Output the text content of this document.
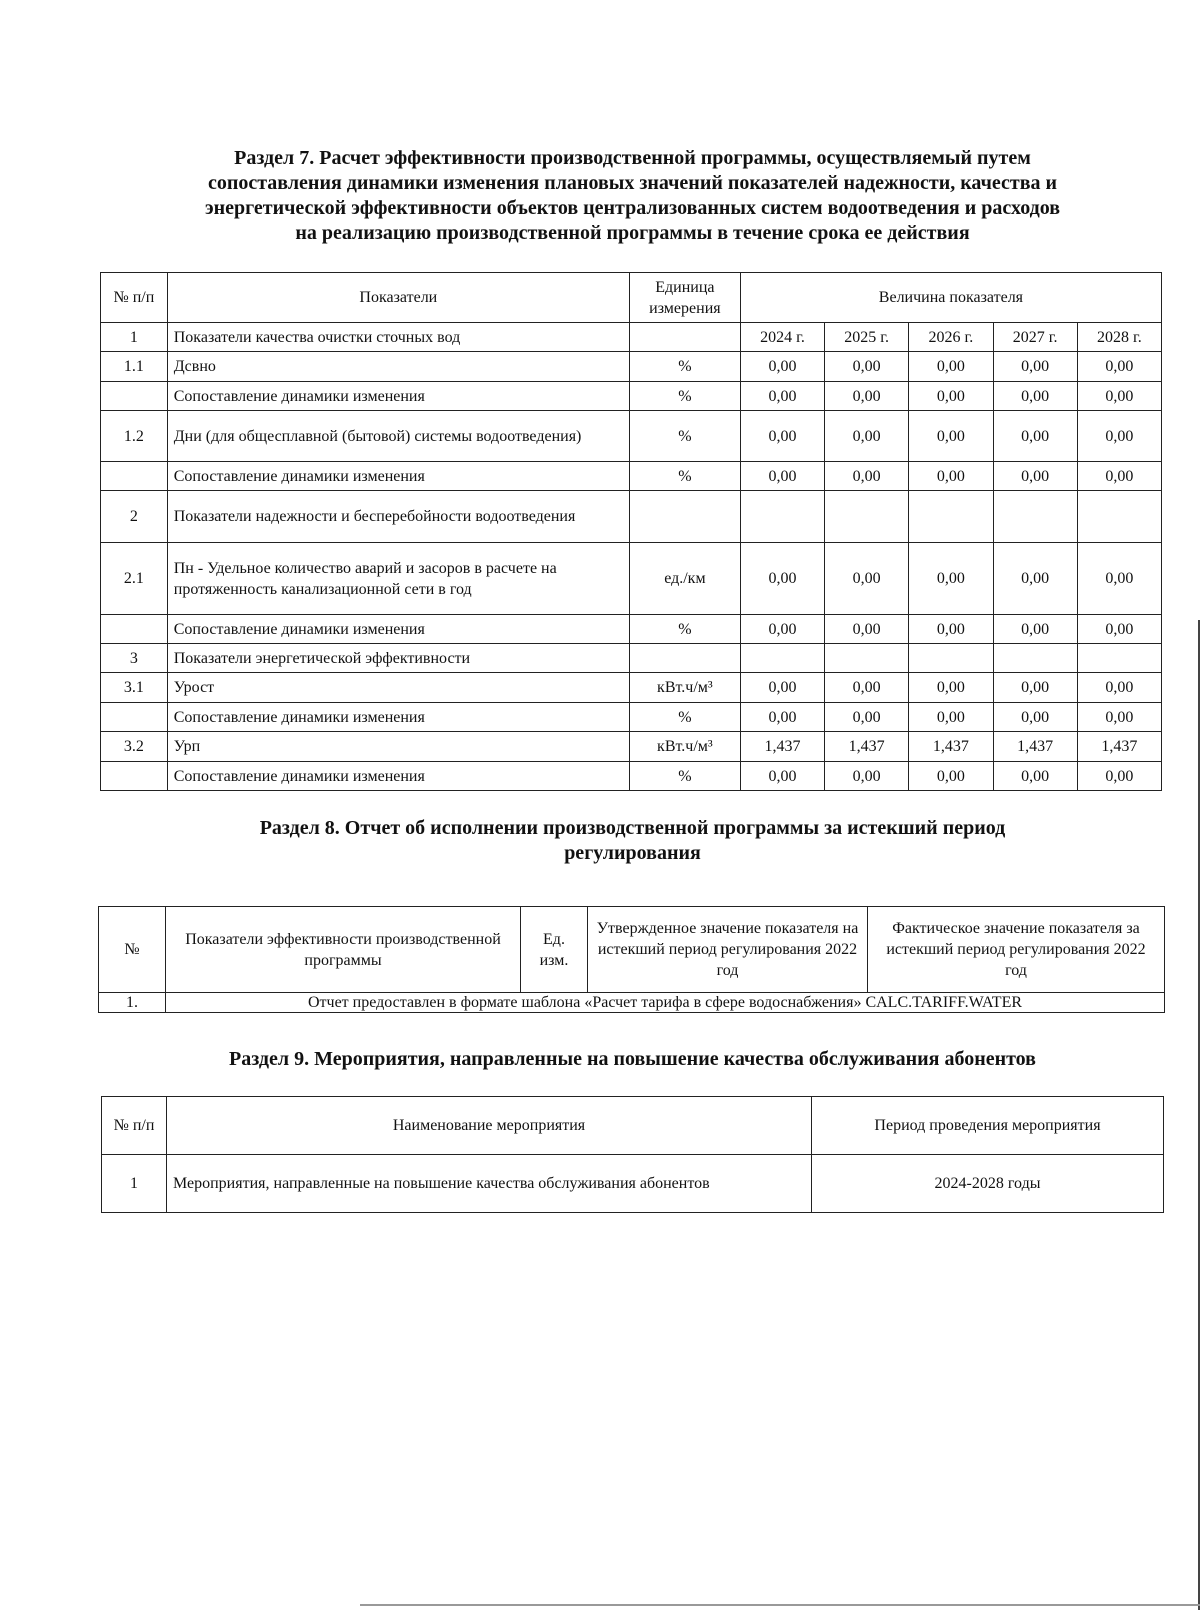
Раздел 7. Расчет эффективности производственной программы, осуществляемый путем
сопоставления динамики изменения плановых значений показателей надежности, качества и
энергетической эффективности объектов централизованных систем водоотведения и расходов
на реализацию производственной программы в течение срока ее действия
№ п/п	Показатели	Единица измерения	Величина показателя				
1	Показатели качества очистки сточных вод		2024 г.	2025 г.	2026 г.	2027 г.	2028 г.
1.1	Дсвно	%	0,00	0,00	0,00	0,00	0,00
	Сопоставление динамики изменения	%	0,00	0,00	0,00	0,00	0,00
1.2	Дни (для общесплавной (бытовой) системы водоотведения)	%	0,00	0,00	0,00	0,00	0,00
	Сопоставление динамики изменения	%	0,00	0,00	0,00	0,00	0,00
2	Показатели надежности и бесперебойности водоотведения						
2.1	Пн - Удельное количество аварий и засоров в расчете на протяженность канализационной сети в год	ед./км	0,00	0,00	0,00	0,00	0,00
	Сопоставление динамики изменения	%	0,00	0,00	0,00	0,00	0,00
3	Показатели энергетической эффективности						
3.1	Урост	кВт.ч/м³	0,00	0,00	0,00	0,00	0,00
	Сопоставление динамики изменения	%	0,00	0,00	0,00	0,00	0,00
3.2	Урп	кВт.ч/м³	1,437	1,437	1,437	1,437	1,437
	Сопоставление динамики изменения	%	0,00	0,00	0,00	0,00	0,00
Раздел 8. Отчет об исполнении производственной программы за истекший период
регулирования
№	Показатели эффективности производственной программы	Ед. изм.	Утвержденное значение показателя на истекший период регулирования 2022 год	Фактическое значение показателя за истекший период регулирования 2022 год
1.	Отчет предоставлен в формате шаблона «Расчет тарифа в сфере водоснабжения» CALC.TARIFF.WATER			
Раздел 9. Мероприятия, направленные на повышение качества обслуживания абонентов
№ п/п	Наименование мероприятия	Период проведения мероприятия
1	Мероприятия, направленные на повышение качества обслуживания абонентов	2024-2028 годы
